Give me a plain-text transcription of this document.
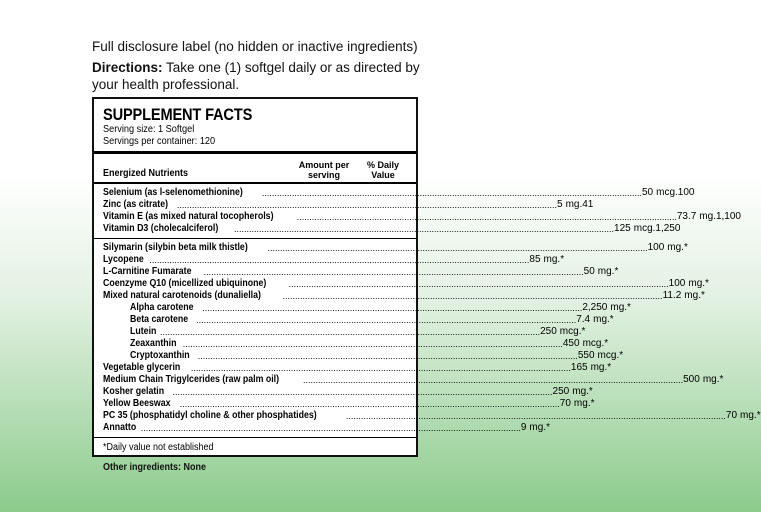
Full disclosure label (no hidden or inactive ingredients)
Directions: Take one (1) softgel daily or as directed by your health professional.
SUPPLEMENT FACTS
Serving size: 1 Softgel
Servings per container: 120
Energized Nutrients
Amount per serving
% Daily Value
Selenium (as l-selenomethionine) .....	50 mcg. 100
Zinc (as citrate) .....	5 mg. 41
Vitamin E (as mixed natural tocopherols) .....	73.7 mg. 1,100
Vitamin D3 (cholecalciferol) .....	125 mcg. 1,250
Silymarin (silybin beta milk thistle) .....	100 mg. *
Lycopene .....	85 mg. *
L-Carnitine Fumarate .....	50 mg. *
Coenzyme Q10 (micellized ubiquinone) .....	100 mg. *
Mixed natural carotenoids (dunaliella) .....	11.2 mg. *
Alpha carotene .....	2,250 mg. *
Beta carotene .....	7.4 mg. *
Lutein .....	250 mcg. *
Zeaxanthin .....	450 mcg. *
Cryptoxanthin .....	550 mcg. *
Vegetable glycerin .....	165 mg. *
Medium Chain Trigylcerides (raw palm oil) .....	500 mg. *
Kosher gelatin .....	250 mg. *
Yellow Beeswax .....	70 mg. *
PC 35 (phosphatidyl choline & other phosphatides) .....	70 mg. *
Annatto .....	9 mg. *
*Daily value not established
Other ingredients: None
